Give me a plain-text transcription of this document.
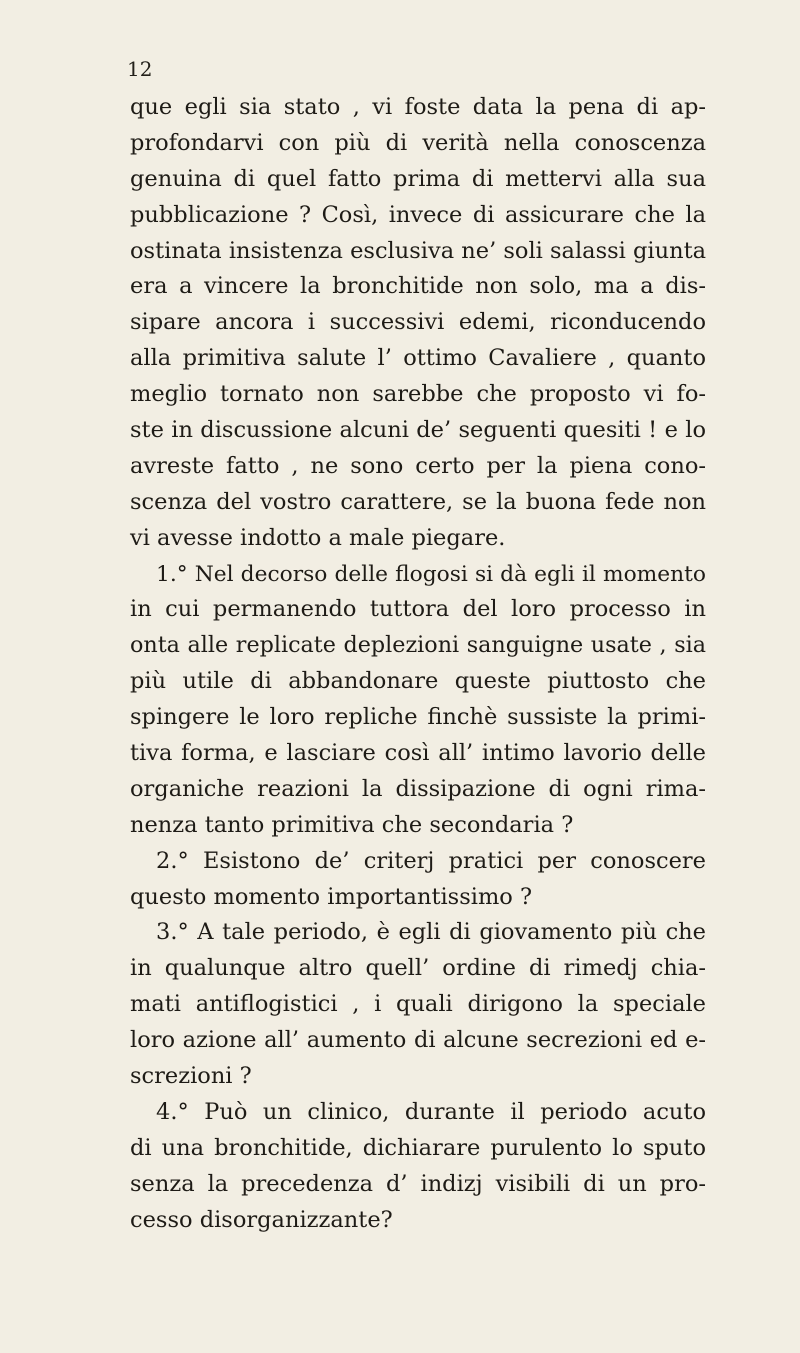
12
que egli sia stato , vi foste data la pena di ap-
profondarvi con più di verità nella conoscenza
genuina di quel fatto prima di mettervi alla sua
pubblicazione ? Così, invece di assicurare che la
ostinata insistenza esclusiva ne’ soli salassi giunta
era a vincere la bronchitide non solo, ma a dis-
sipare ancora i successivi edemi, riconducendo
alla primitiva salute l’ ottimo Cavaliere , quanto
meglio tornato non sarebbe che proposto vi fo-
ste in discussione alcuni de’ seguenti quesiti ! e lo
avreste fatto , ne sono certo per la piena cono-
scenza del vostro carattere, se la buona fede non
vi avesse indotto a male piegare.
1.° Nel decorso delle flogosi si dà egli il momento
in cui permanendo tuttora del loro processo in
onta alle replicate deplezioni sanguigne usate , sia
più utile di abbandonare queste piuttosto che
spingere le loro repliche finchè sussiste la primi-
tiva forma, e lasciare così all’ intimo lavorio delle
organiche reazioni la dissipazione di ogni rima-
nenza tanto primitiva che secondaria ?
2.° Esistono de’ criterj pratici per conoscere
questo momento importantissimo ?
3.° A tale periodo, è egli di giovamento più che
in qualunque altro quell’ ordine di rimedj chia-
mati antiflogistici , i quali dirigono la speciale
loro azione all’ aumento di alcune secrezioni ed e-
screzioni ?
4.° Può un clinico, durante il periodo acuto
di una bronchitide, dichiarare purulento lo sputo
senza la precedenza d’ indizj visibili di un pro-
cesso disorganizzante?
